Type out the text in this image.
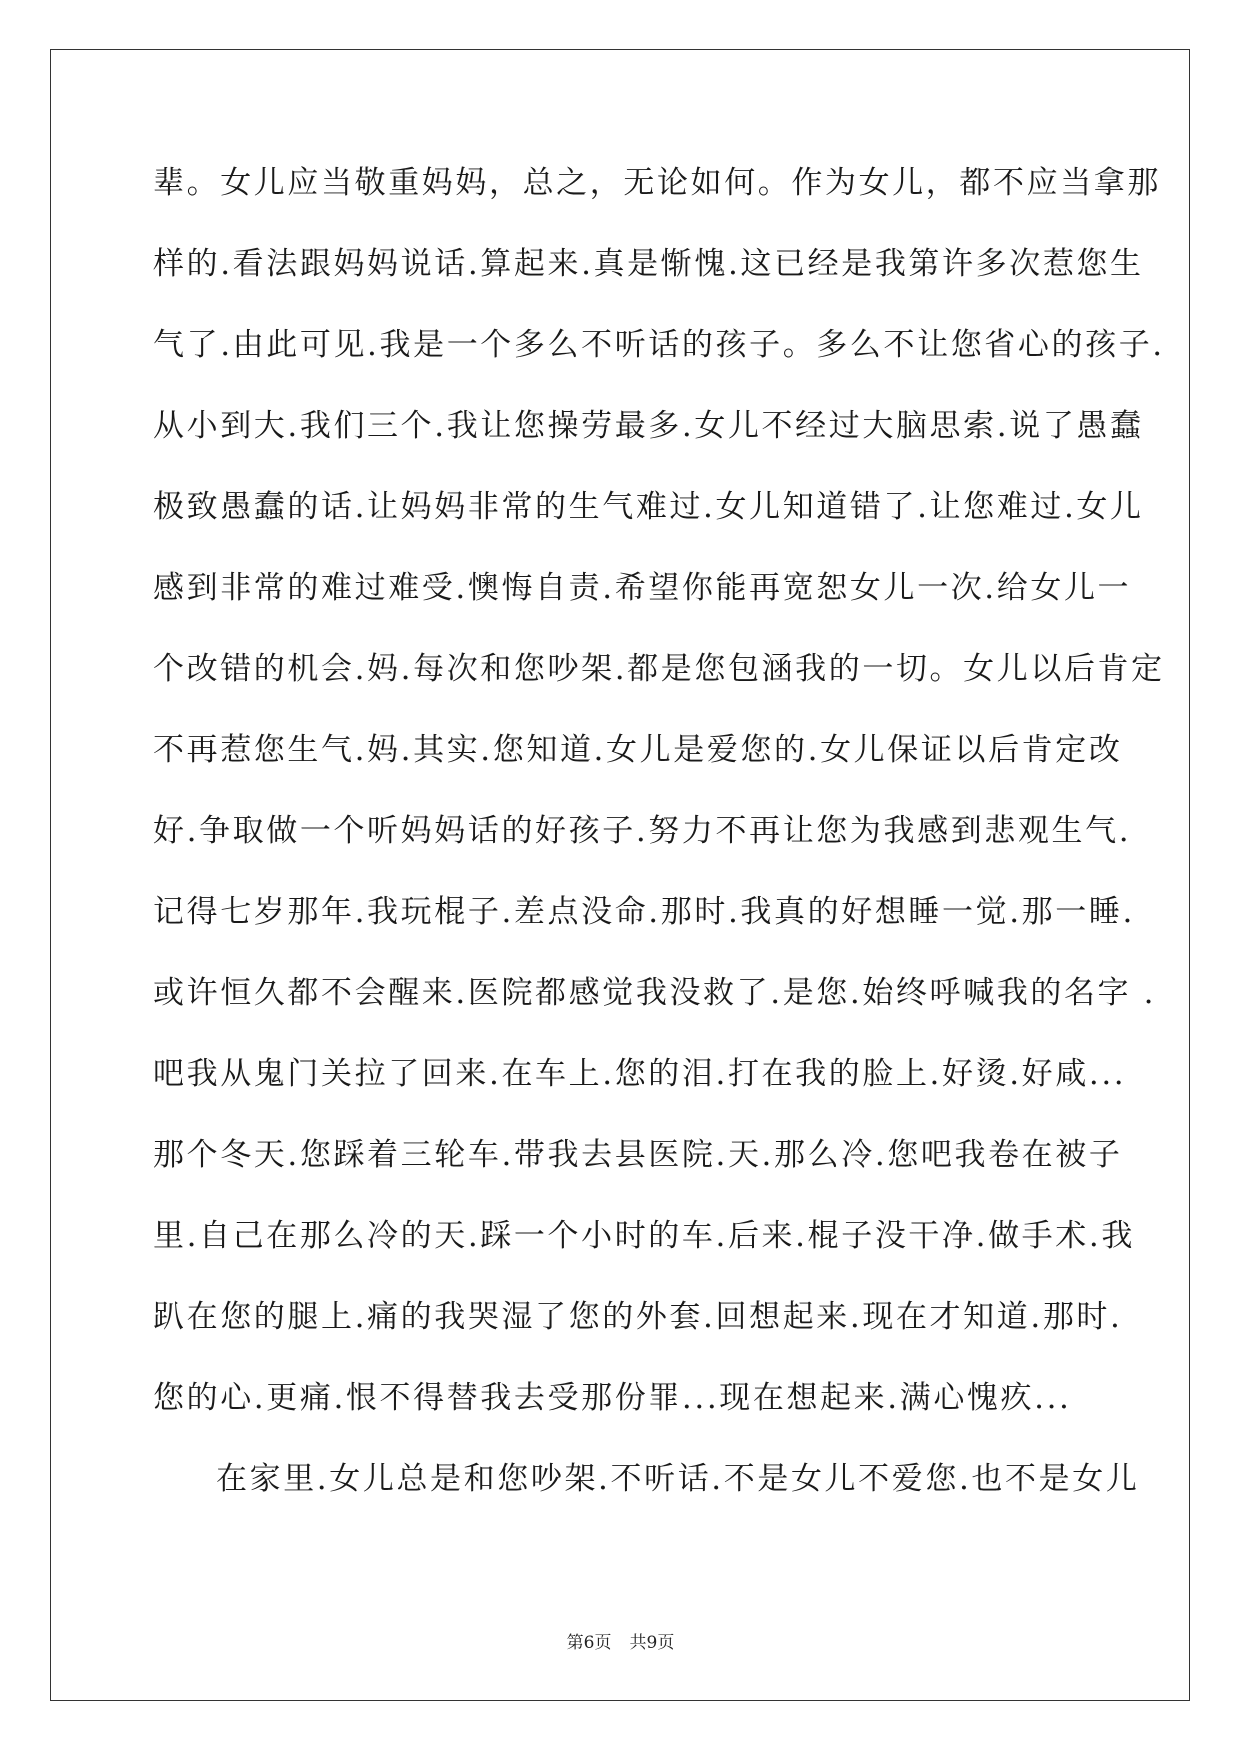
辈。女儿应当敬重妈妈，总之，无论如何。作为女儿，都不应当拿那
样的.看法跟妈妈说话.算起来.真是惭愧.这已经是我第许多次惹您生
气了.由此可见.我是一个多么不听话的孩子。多么不让您省心的孩子.
从小到大.我们三个.我让您操劳最多.女儿不经过大脑思索.说了愚蠢
极致愚蠢的话.让妈妈非常的生气难过.女儿知道错了.让您难过.女儿
感到非常的难过难受.懊悔自责.希望你能再宽恕女儿一次.给女儿一
个改错的机会.妈.每次和您吵架.都是您包涵我的一切。女儿以后肯定
不再惹您生气.妈.其实.您知道.女儿是爱您的.女儿保证以后肯定改
好.争取做一个听妈妈话的好孩子.努力不再让您为我感到悲观生气.
记得七岁那年.我玩棍子.差点没命.那时.我真的好想睡一觉.那一睡.
或许恒久都不会醒来.医院都感觉我没救了.是您.始终呼喊我的名字 .
吧我从鬼门关拉了回来.在车上.您的泪.打在我的脸上.好烫.好咸...
那个冬天.您踩着三轮车.带我去县医院.天.那么冷.您吧我卷在被子
里.自己在那么冷的天.踩一个小时的车.后来.棍子没干净.做手术.我
趴在您的腿上.痛的我哭湿了您的外套.回想起来.现在才知道.那时.
您的心.更痛.恨不得替我去受那份罪...现在想起来.满心愧疚...
在家里.女儿总是和您吵架.不听话.不是女儿不爱您.也不是女儿
第6页 共9页
